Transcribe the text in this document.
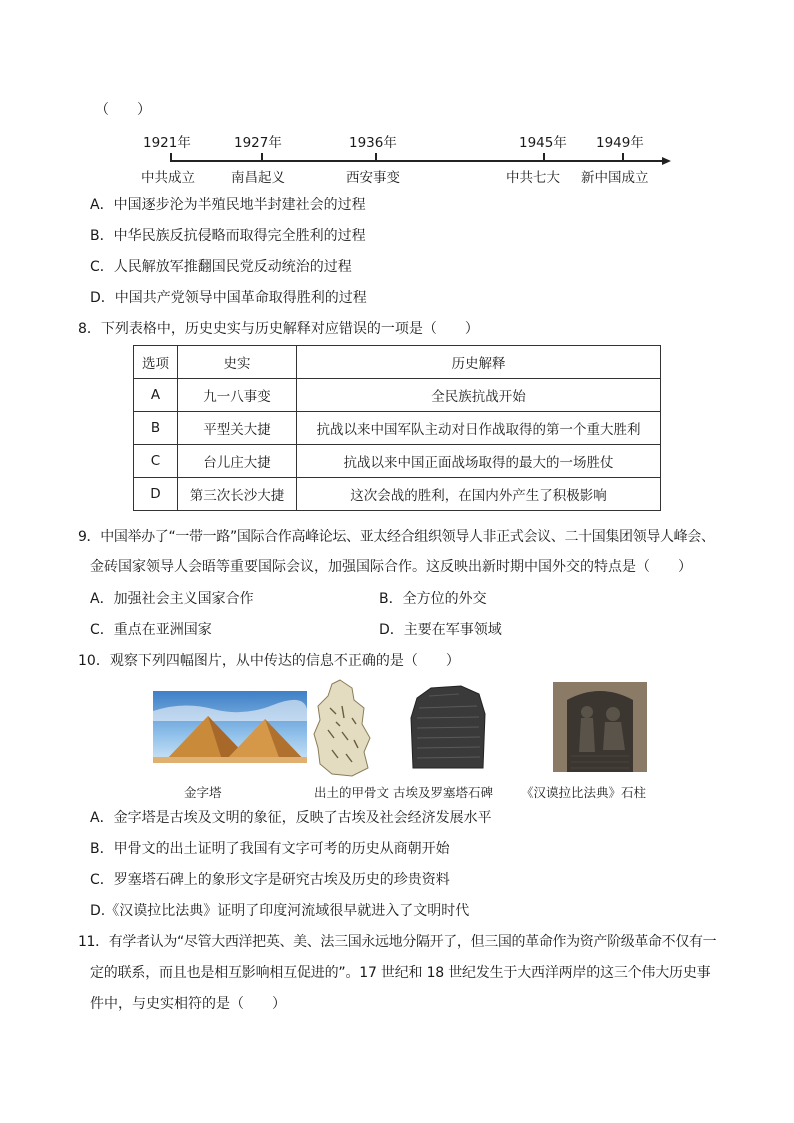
（　　）
1921年	1927年	1936年	1945年 1949年
中共成立	南昌起义	西安事变	中共七大 新中国成立
A．中国逐步沦为半殖民地半封建社会的过程
B．中华民族反抗侵略而取得完全胜利的过程
C．人民解放军推翻国民党反动统治的过程
D．中国共产党领导中国革命取得胜利的过程
8．下列表格中，历史史实与历史解释对应错误的一项是（　　）
选项	史实	历史解释
A	九一八事变	全民族抗战开始
B	平型关大捷	抗战以来中国军队主动对日作战取得的第一个重大胜利
C	台儿庄大捷	抗战以来中国正面战场取得的最大的一场胜仗
D	第三次长沙大捷	这次会战的胜利，在国内外产生了积极影响
9．中国举办了“一带一路”国际合作高峰论坛、亚太经合组织领导人非正式会议、二十国集团领导人峰会、
金砖国家领导人会晤等重要国际会议，加强国际合作。这反映出新时期中国外交的特点是（　　）
A．加强社会主义国家合作	B．全方位的外交
C．重点在亚洲国家	D．主要在军事领域
10．观察下列四幅图片，从中传达的信息不正确的是（　　）
金字塔	出土的甲骨文 古埃及罗塞塔石碑 《汉谟拉比法典》石柱
A．金字塔是古埃及文明的象征，反映了古埃及社会经济发展水平
B．甲骨文的出土证明了我国有文字可考的历史从商朝开始
C．罗塞塔石碑上的象形文字是研究古埃及历史的珍贵资料
D.《汉谟拉比法典》证明了印度河流域很早就进入了文明时代
11．有学者认为“尽管大西洋把英、美、法三国永远地分隔开了，但三国的革命作为资产阶级革命不仅有一
定的联系，而且也是相互影响相互促进的”。17 世纪和 18 世纪发生于大西洋两岸的这三个伟大历史事
件中，与史实相符的是（　　）
